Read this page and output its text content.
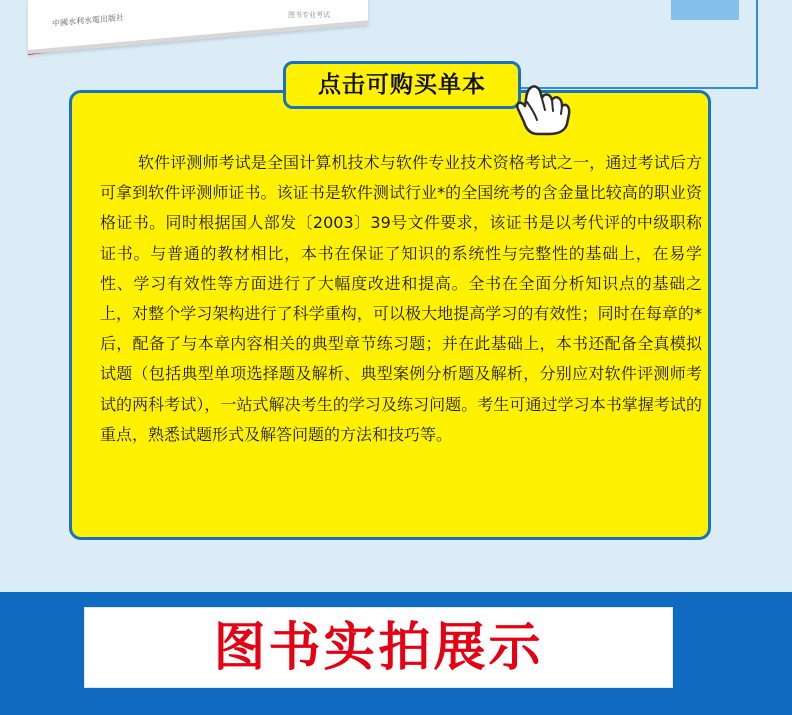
中國水利水電出版社	图书专业考试
点击可购买单本

软件评测师考试是全国计算机技术与软件专业技术资格考试之一，通过考试后方可拿到软件评测师证书。该证书是软件测试行业*的全国统考的含金量比较高的职业资格证书。同时根据国人部发〔2003〕39号文件要求，该证书是以考代评的中级职称证书。与普通的教材相比，本书在保证了知识的系统性与完整性的基础上，在易学性、学习有效性等方面进行了大幅度改进和提高。全书在全面分析知识点的基础之上，对整个学习架构进行了科学重构，可以极大地提高学习的有效性；同时在每章的*后，配备了与本章内容相关的典型章节练习题；并在此基础上，本书还配备全真模拟试题（包括典型单项选择题及解析、典型案例分析题及解析，分别应对软件评测师考试的两科考试），一站式解决考生的学习及练习问题。考生可通过学习本书掌握考试的重点，熟悉试题形式及解答问题的方法和技巧等。

图书实拍展示
